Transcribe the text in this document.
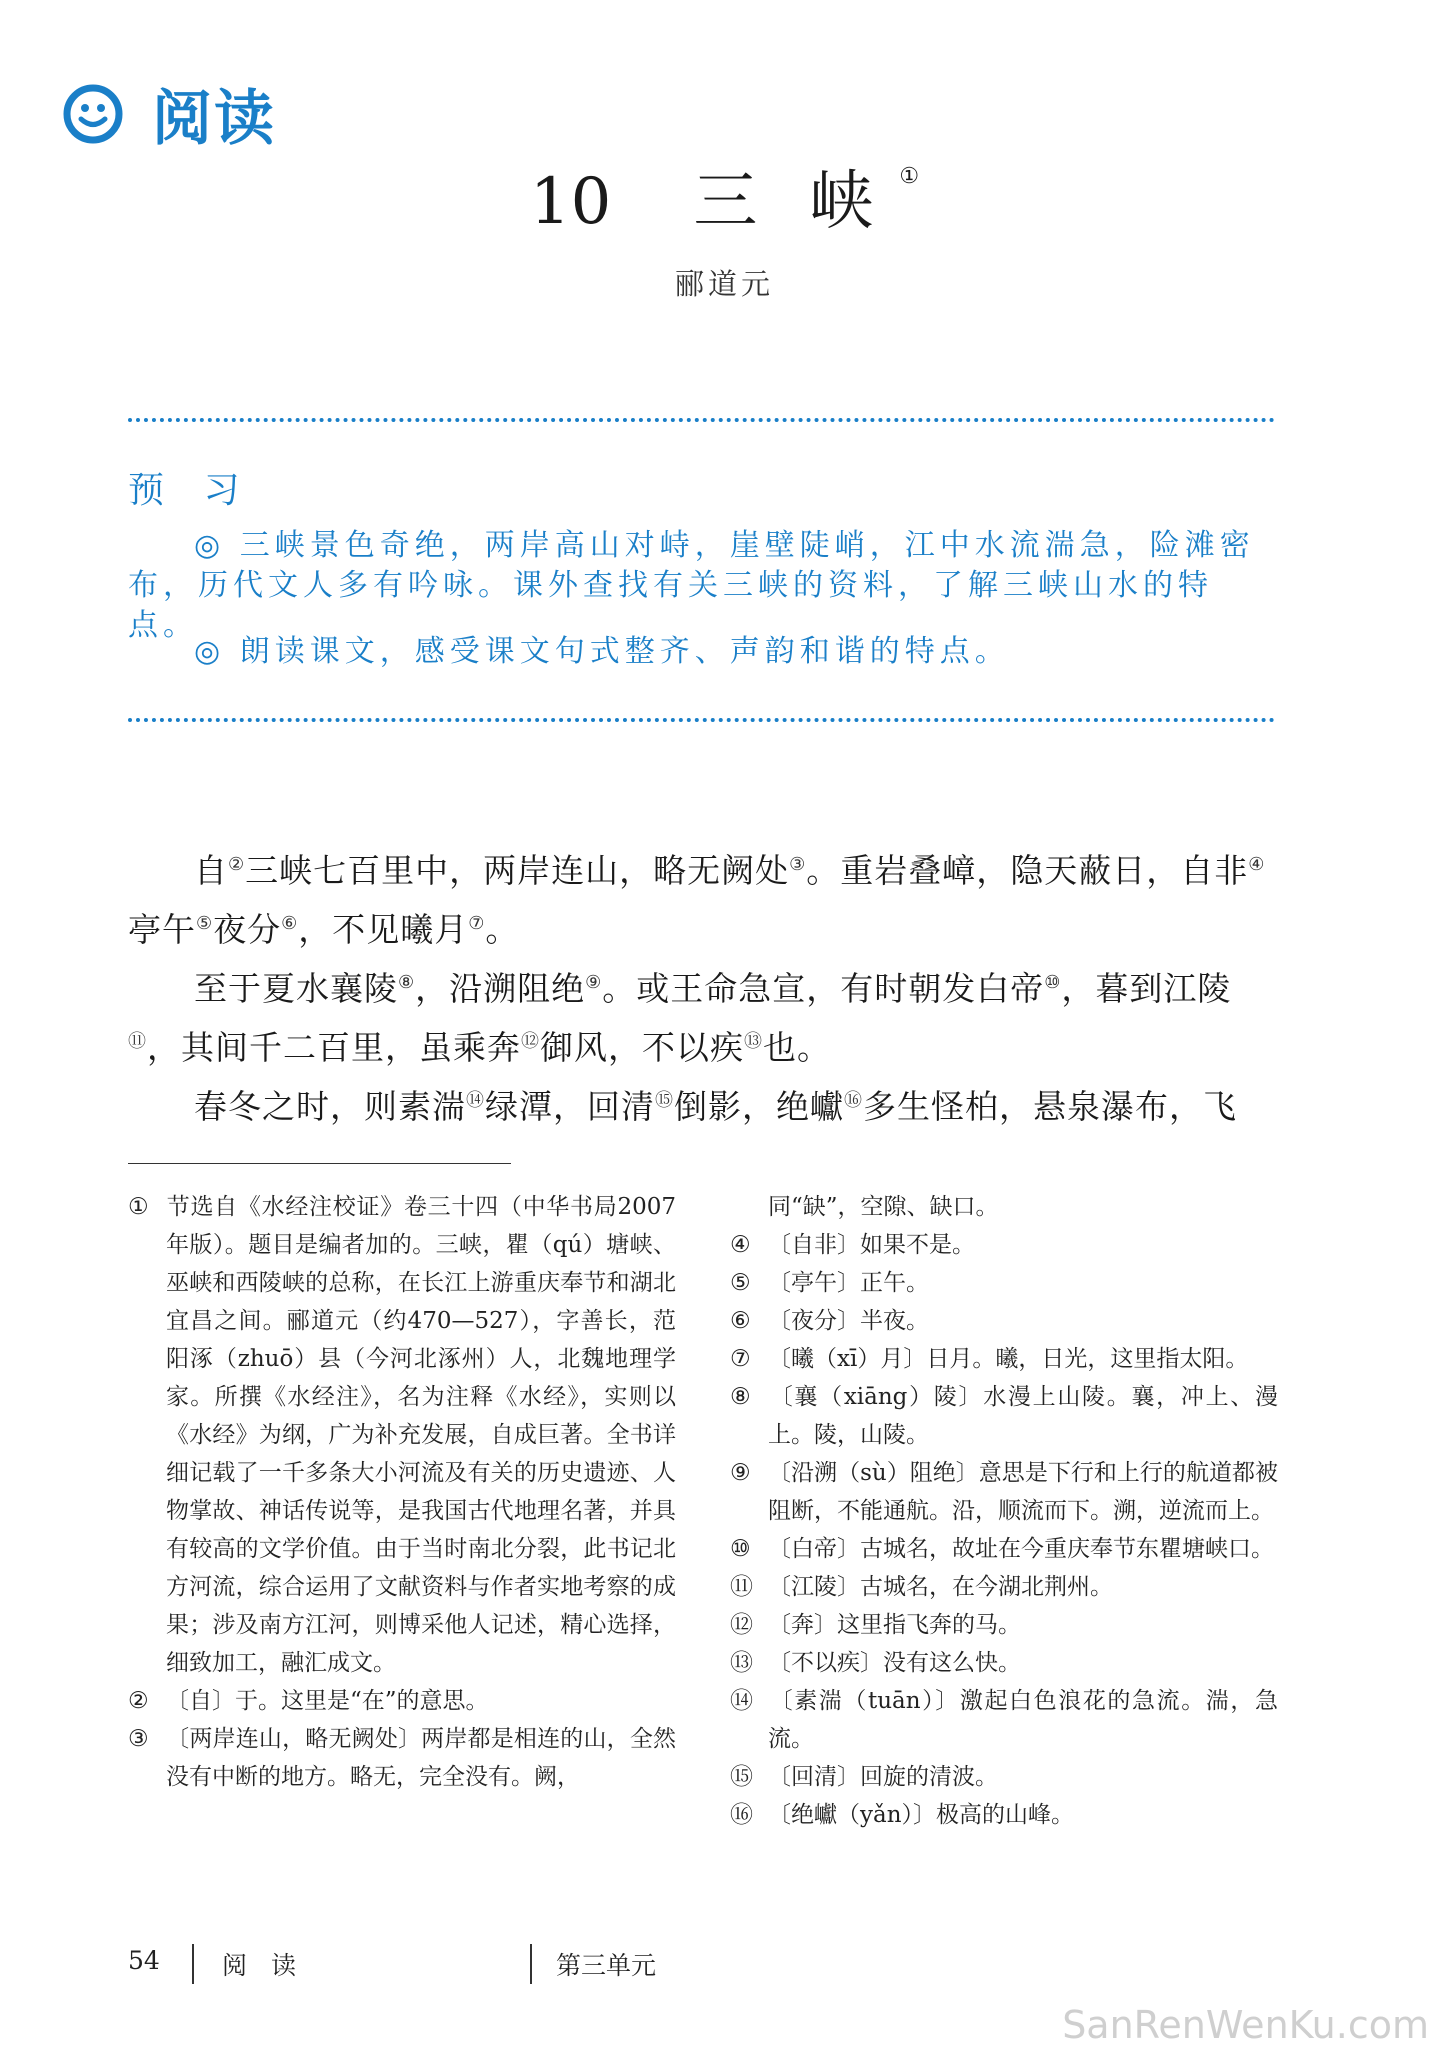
阅读
10 三 峡 ①
郦道元
预 习
◎ 三峡景色奇绝，两岸高山对峙，崖壁陡峭，江中水流湍急，险滩密布，历代文人多有吟咏。课外查找有关三峡的资料，了解三峡山水的特点。
◎ 朗读课文，感受课文句式整齐、声韵和谐的特点。

自②三峡七百里中，两岸连山，略无阙处③。重岩叠嶂，隐天蔽日，自非④亭午⑤夜分⑥，不见曦月⑦。

至于夏水襄陵⑧，沿溯阻绝⑨。或王命急宣，有时朝发白帝⑩，暮到江陵⑪，其间千二百里，虽乘奔⑫御风，不以疾⑬也。

春冬之时，则素湍⑭绿潭，回清⑮倒影，绝巘⑯多生怪柏，悬泉瀑布，飞

① 节选自《水经注校证》卷三十四（中华书局2007年版）。题目是编者加的。三峡，瞿（qú）塘峡、巫峡和西陵峡的总称，在长江上游重庆奉节和湖北宜昌之间。郦道元（约470—527），字善长，范阳涿（zhuō）县（今河北涿州）人，北魏地理学家。所撰《水经注》，名为注释《水经》，实则以《水经》为纲，广为补充发展，自成巨著。全书详细记载了一千多条大小河流及有关的历史遗迹、人物掌故、神话传说等，是我国古代地理名著，并具有较高的文学价值。由于当时南北分裂，此书记北方河流，综合运用了文献资料与作者实地考察的成果；涉及南方江河，则博采他人记述，精心选择，细致加工，融汇成文。
② 〔自〕于。这里是“在”的意思。
③ 〔两岸连山，略无阙处〕两岸都是相连的山，全然没有中断的地方。略无，完全没有。阙，
同“缺”，空隙、缺口。
④ 〔自非〕如果不是。
⑤ 〔亭午〕正午。
⑥ 〔夜分〕半夜。
⑦ 〔曦（xī）月〕日月。曦，日光，这里指太阳。
⑧ 〔襄（xiāng）陵〕水漫上山陵。襄，冲上、漫上。陵，山陵。
⑨ 〔沿溯（sù）阻绝〕意思是下行和上行的航道都被阻断，不能通航。沿，顺流而下。溯，逆流而上。
⑩ 〔白帝〕古城名，故址在今重庆奉节东瞿塘峡口。
⑪ 〔江陵〕古城名，在今湖北荆州。
⑫ 〔奔〕这里指飞奔的马。
⑬ 〔不以疾〕没有这么快。
⑭ 〔素湍（tuān）〕激起白色浪花的急流。湍，急流。
⑮ 〔回清〕回旋的清波。
⑯ 〔绝巘（yǎn）〕极高的山峰。
54 阅 读	第三单元
SanRenWenKu.com
